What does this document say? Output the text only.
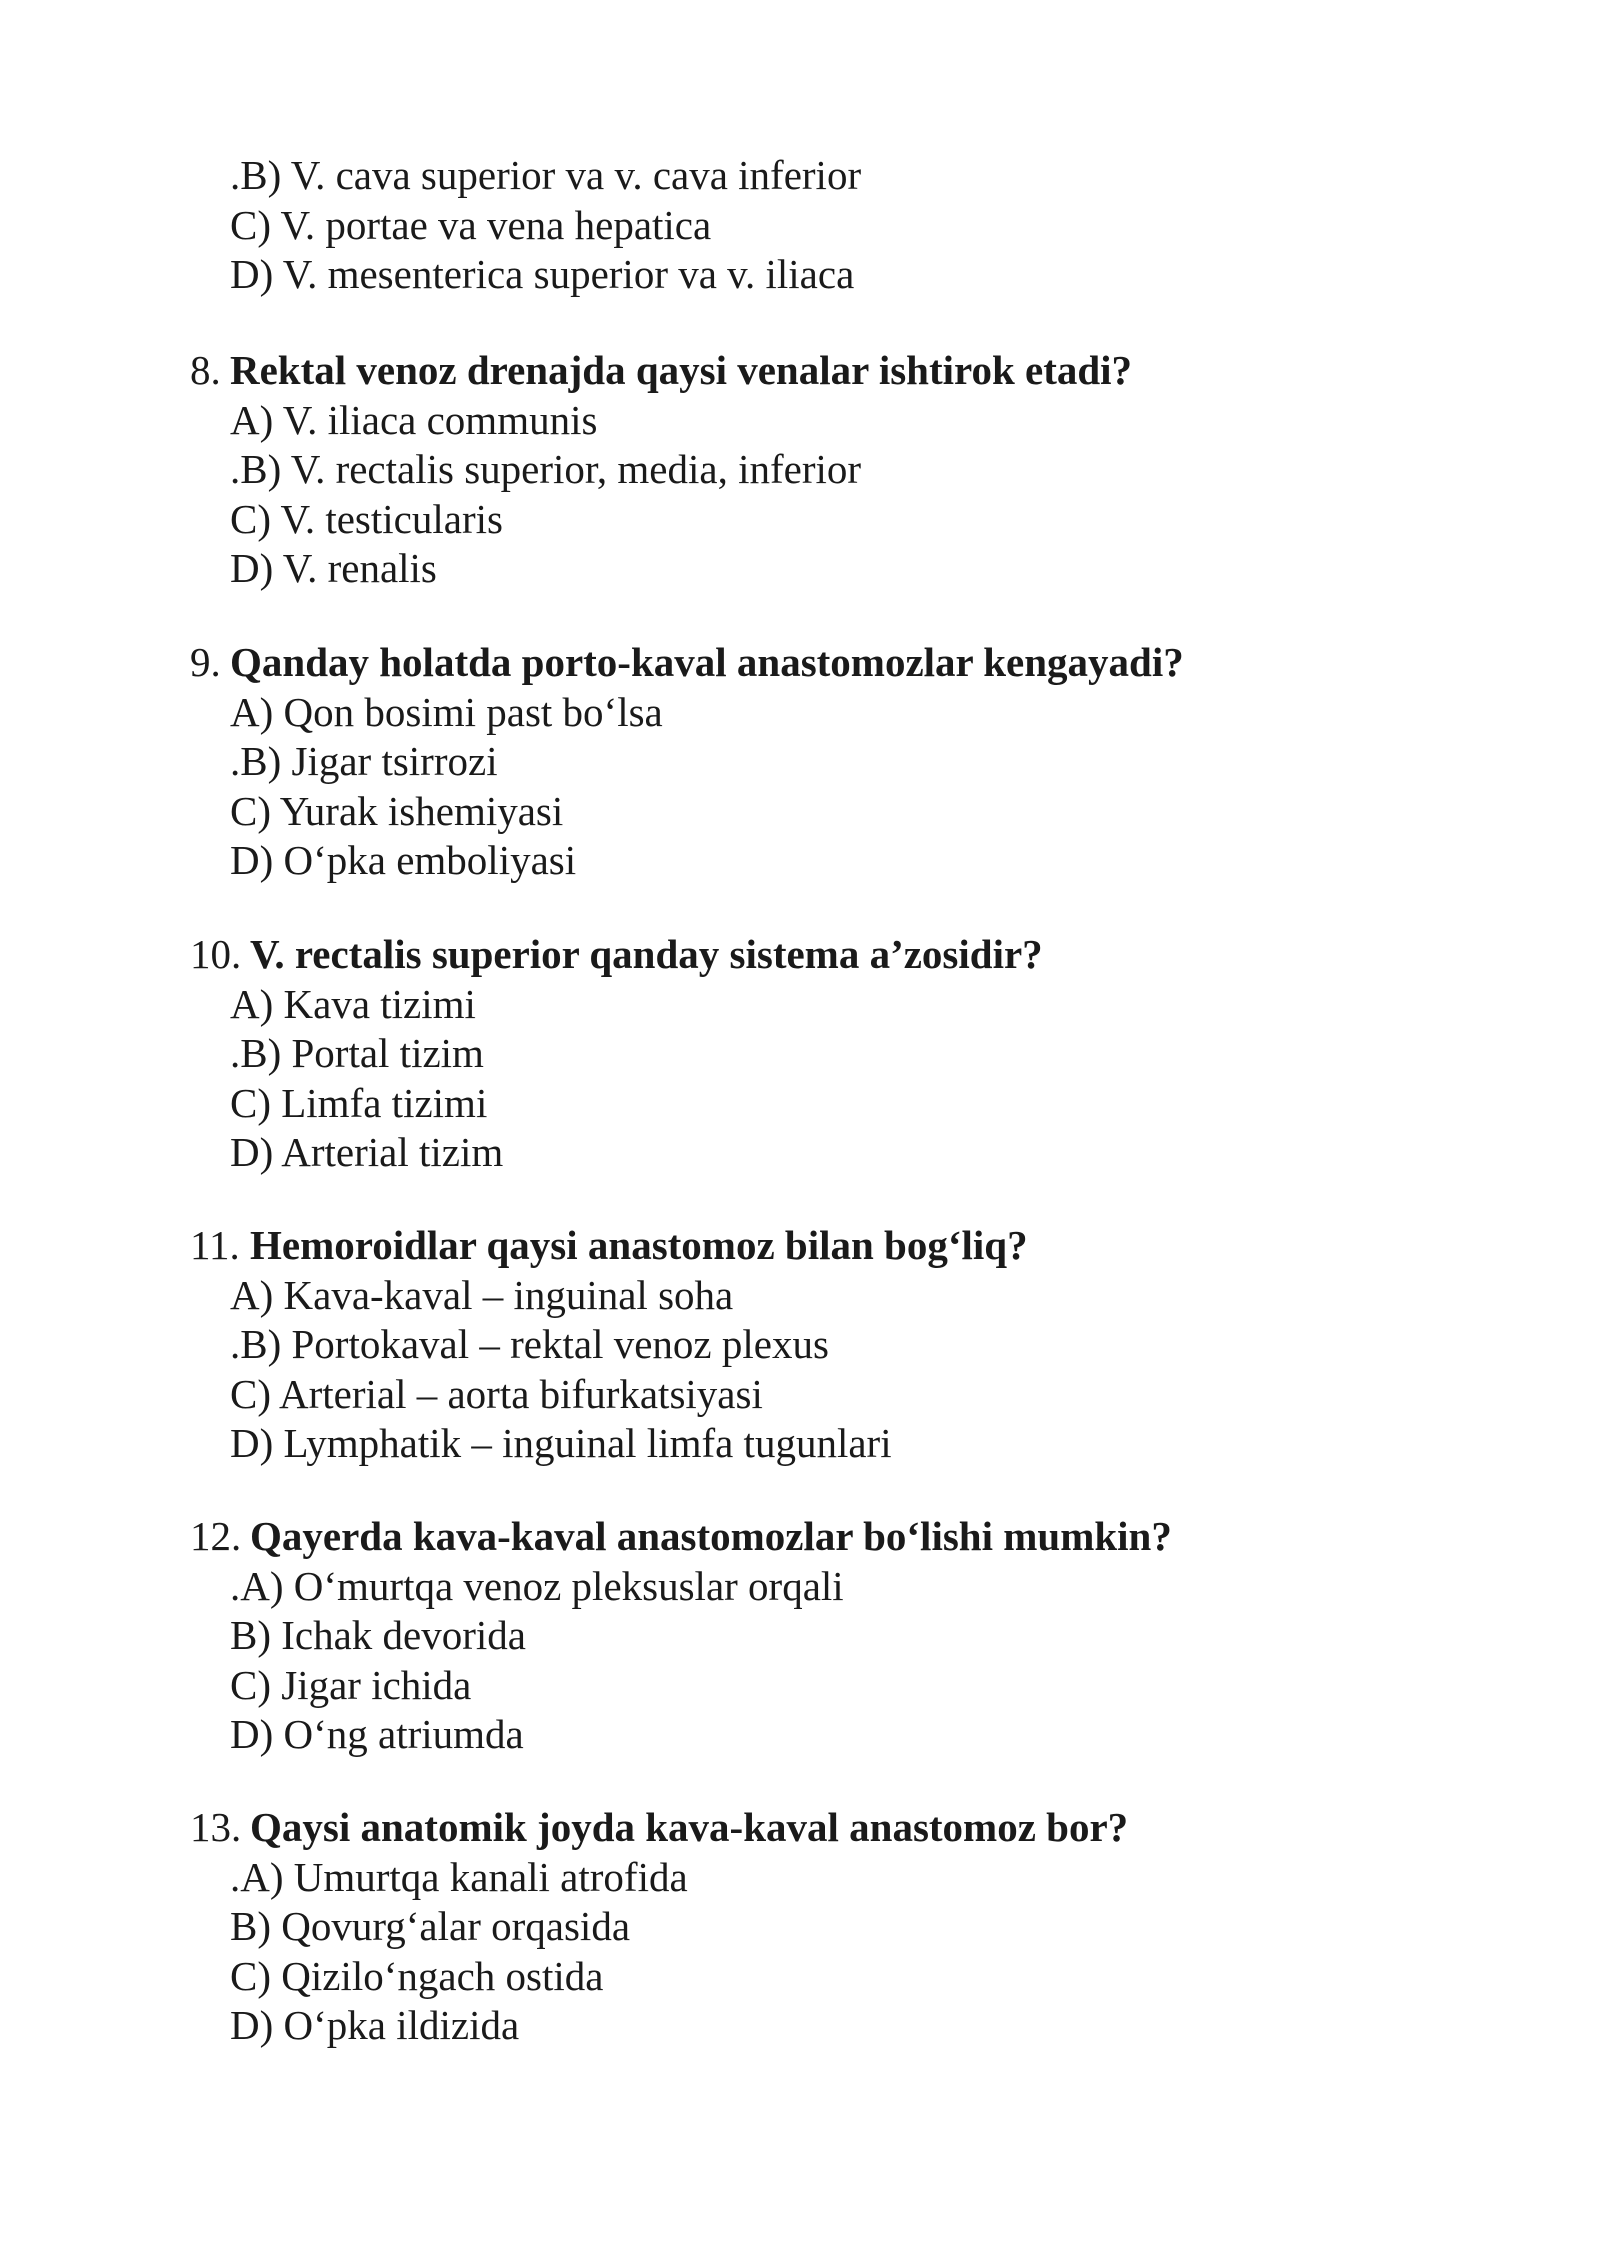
.B) V. cava superior va v. cava inferior
C) V. portae va vena hepatica
D) V. mesenterica superior va v. iliaca
8. Rektal venoz drenajda qaysi venalar ishtirok etadi?
A) V. iliaca communis
.B) V. rectalis superior, media, inferior
C) V. testicularis
D) V. renalis
9. Qanday holatda porto-kaval anastomozlar kengayadi?
A) Qon bosimi past bo‘lsa
.B) Jigar tsirrozi
C) Yurak ishemiyasi
D) O‘pka emboliyasi
10. V. rectalis superior qanday sistema a’zosidir?
A) Kava tizimi
.B) Portal tizim
C) Limfa tizimi
D) Arterial tizim
11. Hemoroidlar qaysi anastomoz bilan bog‘liq?
A) Kava-kaval – inguinal soha
.B) Portokaval – rektal venoz plexus
C) Arterial – aorta bifurkatsiyasi
D) Lymphatik – inguinal limfa tugunlari
12. Qayerda kava-kaval anastomozlar bo‘lishi mumkin?
.A) O‘murtqa venoz pleksuslar orqali
B) Ichak devorida
C) Jigar ichida
D) O‘ng atriumda
13. Qaysi anatomik joyda kava-kaval anastomoz bor?
.A) Umurtqa kanali atrofida
B) Qovurg‘alar orqasida
C) Qizilo‘ngach ostida
D) O‘pka ildizida
